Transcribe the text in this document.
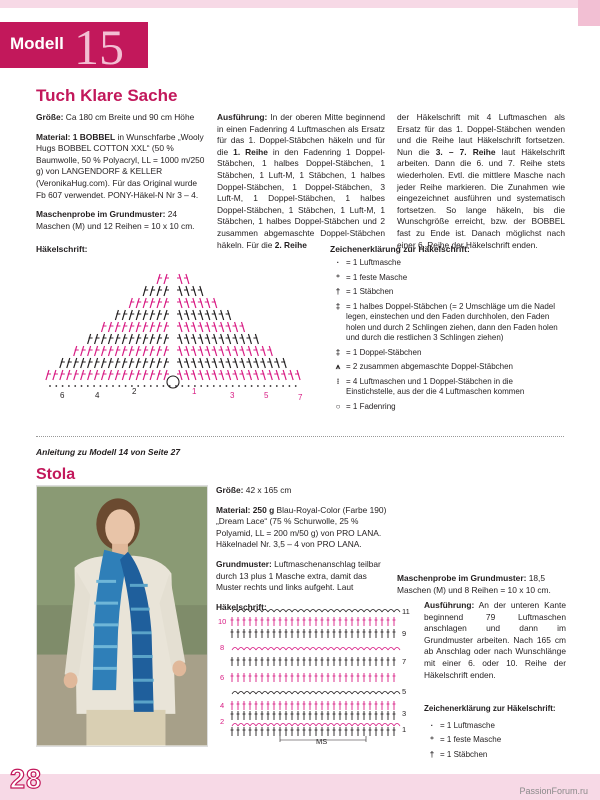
Modell 15
Tuch Klare Sache

Größe: Ca 180 cm Breite und 90 cm Höhe

Material: 1 BOBBEL in Wunschfarbe „Wooly Hugs BOBBEL COTTON XXL“ (50 % Baumwolle, 50 % Polyacryl, LL = 1000 m/250 g) von LANGENDORF & KELLER (VeronikaHug.com). Für das Original wurde Fb 607 verwendet. PONY-Häkel-N Nr 3 – 4.

Maschenprobe im Grundmuster: 24 Maschen (M) und 12 Reihen = 10 x 10 cm.

Ausführung: In der oberen Mitte beginnend in einen Fadenring 4 Luftmaschen als Ersatz für das 1. Doppel-Stäbchen häkeln und für die 1. Reihe in den Fadenring 1 Doppel-Stäbchen, 1 halbes Doppel-Stäbchen, 1 Stäbchen, 1 Luft-M, 1 Stäbchen, 1 halbes Doppel-Stäbchen, 1 Doppel-Stäbchen, 3 Luft-M, 1 Doppel-Stäbchen, 1 halbes Doppel-Stäbchen, 1 Stäbchen, 1 Luft-M, 1 Stäbchen, 1 halbes Doppel-Stäbchen und 2 zusammen abgemaschte Doppel-Stäbchen häkeln. Für die 2. Reihe

der Häkelschrift mit 4 Luftmaschen als Ersatz für das 1. Doppel-Stäbchen wenden und die Reihe laut Häkelschrift fortsetzen. Nun die 3. – 7. Reihe laut Häkelschrift arbeiten. Dann die 6. und 7. Reihe stets wiederholen. Evtl. die mittlere Masche nach jeder Reihe markieren. Die Zunahmen wie eingezeichnet ausführen und systematisch fortsetzen. So lange häkeln, bis die Wunschgröße erreicht, bzw. der BOBBEL fast zu Ende ist. Danach möglichst nach einer 6. Reihe der Häkelschrift enden.

Häkelschrift:	Zeichenerklärung zur Häkelschrift:
6	4	2	1	3	5	7
· = 1 Luftmasche
⁺ = 1 feste Masche
† = 1 Stäbchen
‡ = 1 halbes Doppel-Stäbchen (= 2 Umschläge um die Nadel legen, einstechen und den Faden durchholen, den Faden holen und durch 2 Schlingen ziehen, dann den Faden holen und durch die restlichen 3 Schlingen ziehen)
‡ = 1 Doppel-Stäbchen
⩚ = 2 zusammen abgemaschte Doppel-Stäbchen
⁝ = 4 Luftmaschen und 1 Doppel-Stäbchen in die Einstichstelle, aus der die 4 Luftmaschen kommen
○ = 1 Fadenring
Anleitung zu Modell 14 von Seite 27
Stola

Größe: 42 x 165 cm

Material: 250 g Blau-Royal-Color (Farbe 190) „Dream Lace“ (75 % Schurwolle, 25 % Polyamid, LL = 200 m/50 g) von PRO LANA. Häkelnadel Nr. 3,5 – 4 von PRO LANA.

Grundmuster: Luftmaschenanschlag teilbar durch 13 plus 1 Masche extra, damit das Muster rechts und links aufgeht. Laut

Häkelschrift:

Maschenprobe im Grundmuster: 18,5 Maschen (M) und 8 Reihen = 10 x 10 cm.

11
9
7
5
3
1
10
8
6
4
2
MS

Ausführung: An der unteren Kante beginnend 79 Luftmaschen anschlagen und dann im Grundmuster arbeiten. Nach 165 cm ab Anschlag oder nach Wunschlänge mit einer 6. oder 10. Reihe der Häkelschrift enden.

Zeichenerklärung zur Häkelschrift:
· = 1 Luftmasche
⁺ = 1 feste Masche
† = 1 Stäbchen
28	PassionForum.ru
